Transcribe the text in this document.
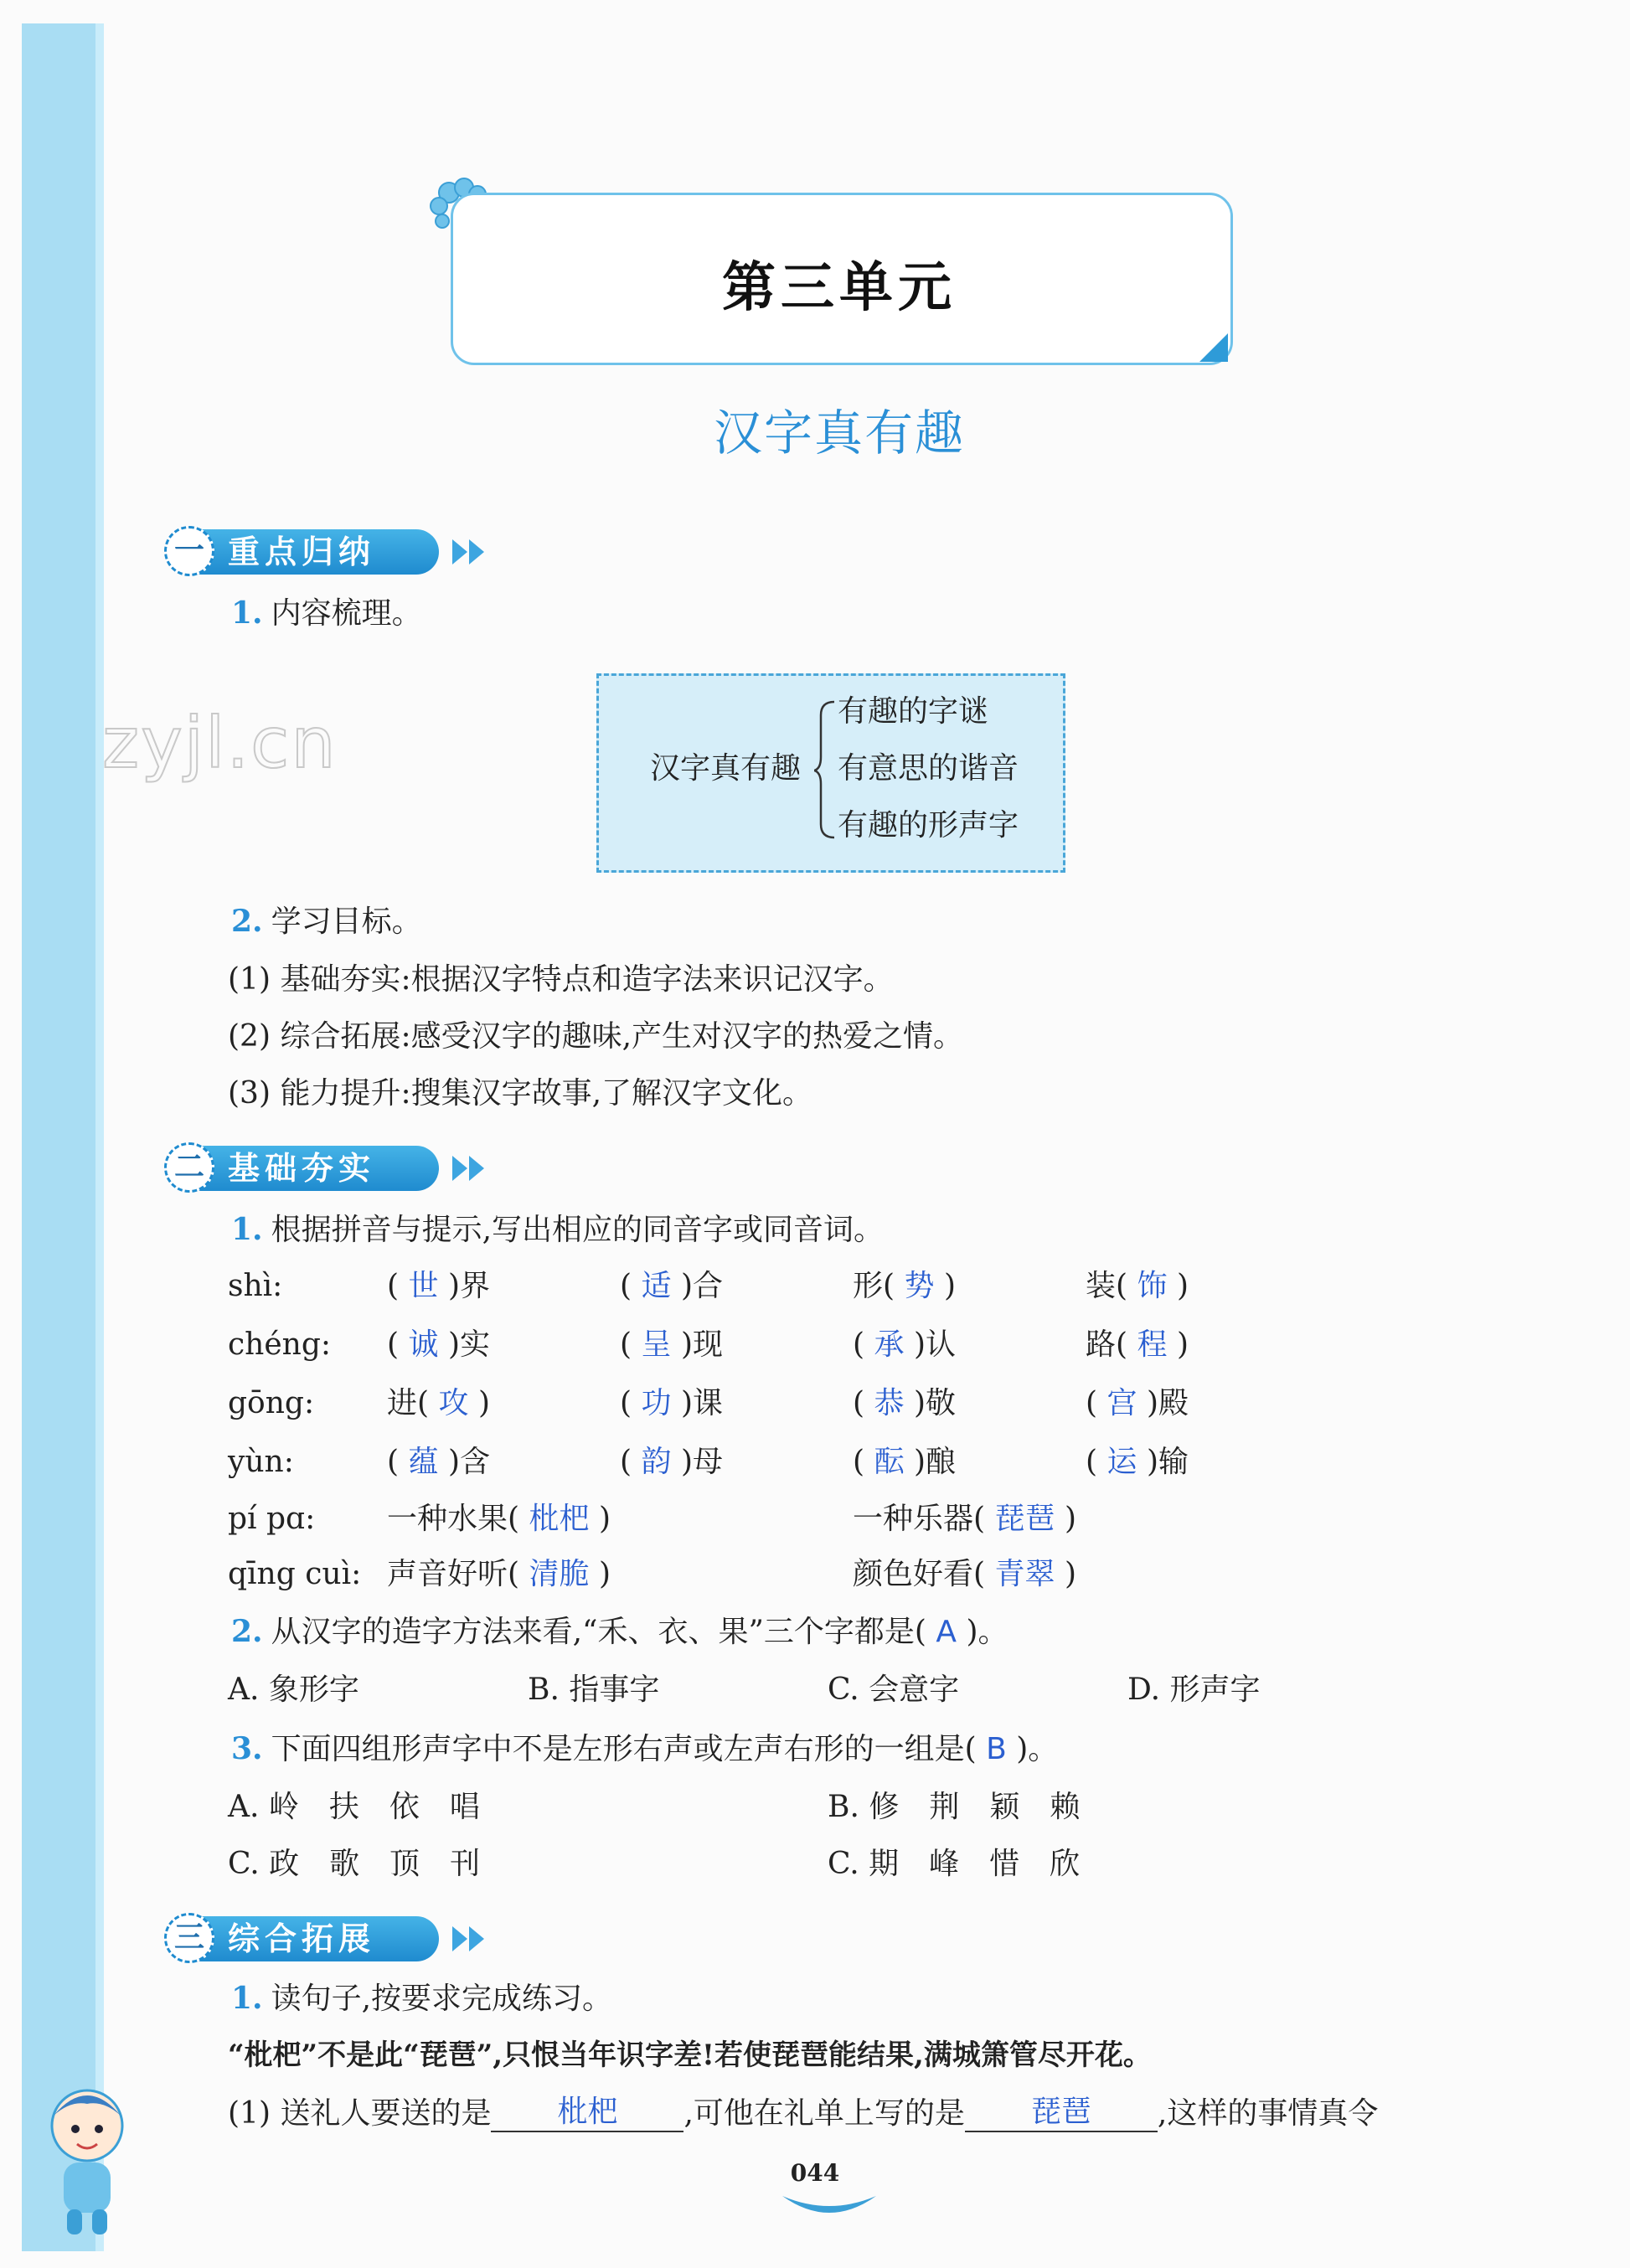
zyjl.cn
第三单元
汉字真有趣
一 重点归纳
1. 内容梳理。
汉字真有趣
有趣的字谜
有意思的谐音
有趣的形声字
2. 学习目标。
(1) 基础夯实:根据汉字特点和造字法来识记汉字。
(2) 综合拓展:感受汉字的趣味,产生对汉字的热爱之情。
(3) 能力提升:搜集汉字故事,了解汉字文化。
二 基础夯实
1. 根据拼音与提示,写出相应的同音字或同音词。
shì:	( 世 )界	( 适 )合	形( 势 )	装( 饰 )
chéng: ( 诚 )实	( 呈 )现	( 承 )认	路( 程 )
gōng: 进( 攻 )	( 功 )课	( 恭 )敬	( 宫 )殿
yùn:	( 蕴 )含	( 韵 )母	( 酝 )酿	( 运 )输
pí pɑ: 一种水果( 枇杷 )	一种乐器( 琵琶 )
qīng cuì: 声音好听( 清脆 )	颜色好看( 青翠 )
2. 从汉字的造字方法来看,“禾、衣、果”三个字都是( A )。
A. 象形字	B. 指事字	C. 会意字	D. 形声字
3. 下面四组形声字中不是左形右声或左声右形的一组是( B )。
A. 岭　扶　依　唱	B. 修　荆　颖　赖
C. 政　歌　顶　刊	C. 期　峰　惜　欣
三 综合拓展
1. 读句子,按要求完成练习。
“枇杷”不是此“琵琶”,只恨当年识字差!若使琵琶能结果,满城箫管尽开花。
(1) 送礼人要送的是 枇杷 ,可他在礼单上写的是 琵琶 ,这样的事情真令
044
